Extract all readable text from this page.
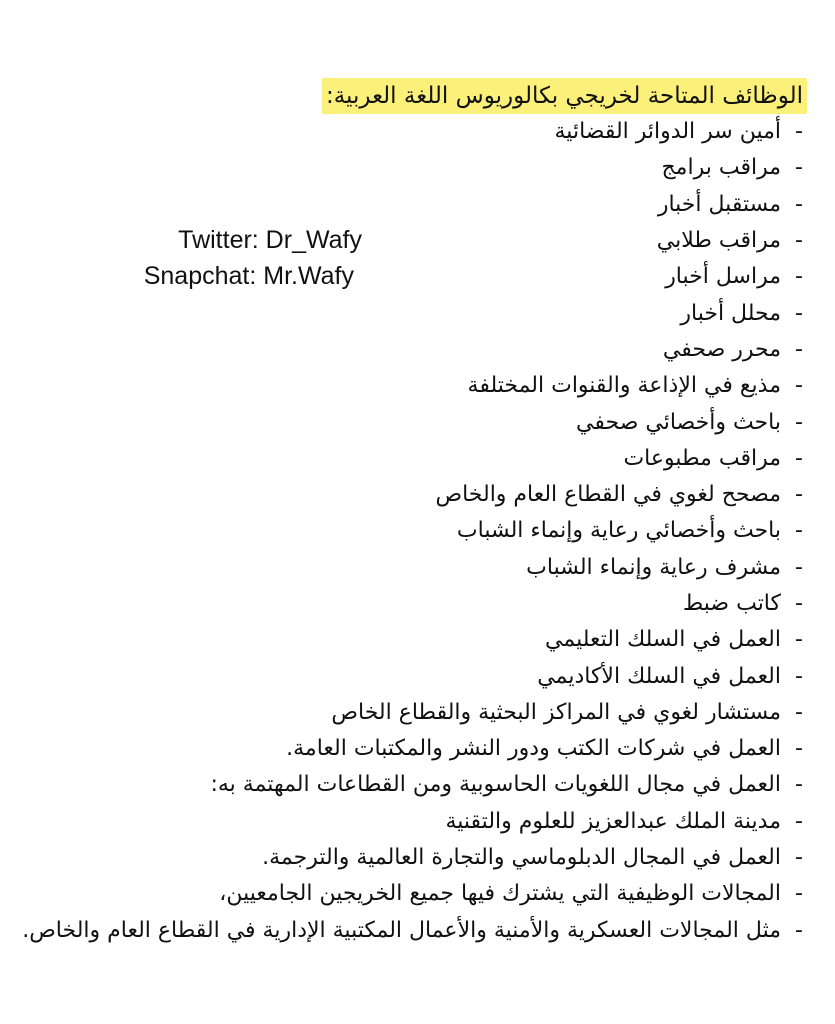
الوظائف المتاحة لخريجي بكالوريوس اللغة العربية:
-
أمين سر الدوائر القضائية
-
مراقب برامج
-
مستقبل أخبار
-
مراقب طلابي
-
مراسل أخبار
-
محلل أخبار
-
محرر صحفي
-
مذيع في الإذاعة والقنوات المختلفة
-
باحث وأخصائي صحفي
-
مراقب مطبوعات
-
مصحح لغوي في القطاع العام والخاص
-
باحث وأخصائي رعاية وإنماء الشباب
-
مشرف رعاية وإنماء الشباب
-
كاتب ضبط
-
العمل في السلك التعليمي
-
العمل في السلك الأكاديمي
-
مستشار لغوي في المراكز البحثية والقطاع الخاص
-
العمل في شركات الكتب ودور النشر والمكتبات العامة.
-
العمل في مجال اللغويات الحاسوبية ومن القطاعات المهتمة به:
-
مدينة الملك عبدالعزيز للعلوم والتقنية
-
العمل في المجال الدبلوماسي والتجارة العالمية والترجمة.
-
المجالات الوظيفية التي يشترك فيها جميع الخريجين الجامعيين،
-
مثل المجالات العسكرية والأمنية والأعمال المكتبية الإدارية في القطاع العام والخاص.
Twitter: Dr_Wafy
Snapchat: Mr.Wafy
